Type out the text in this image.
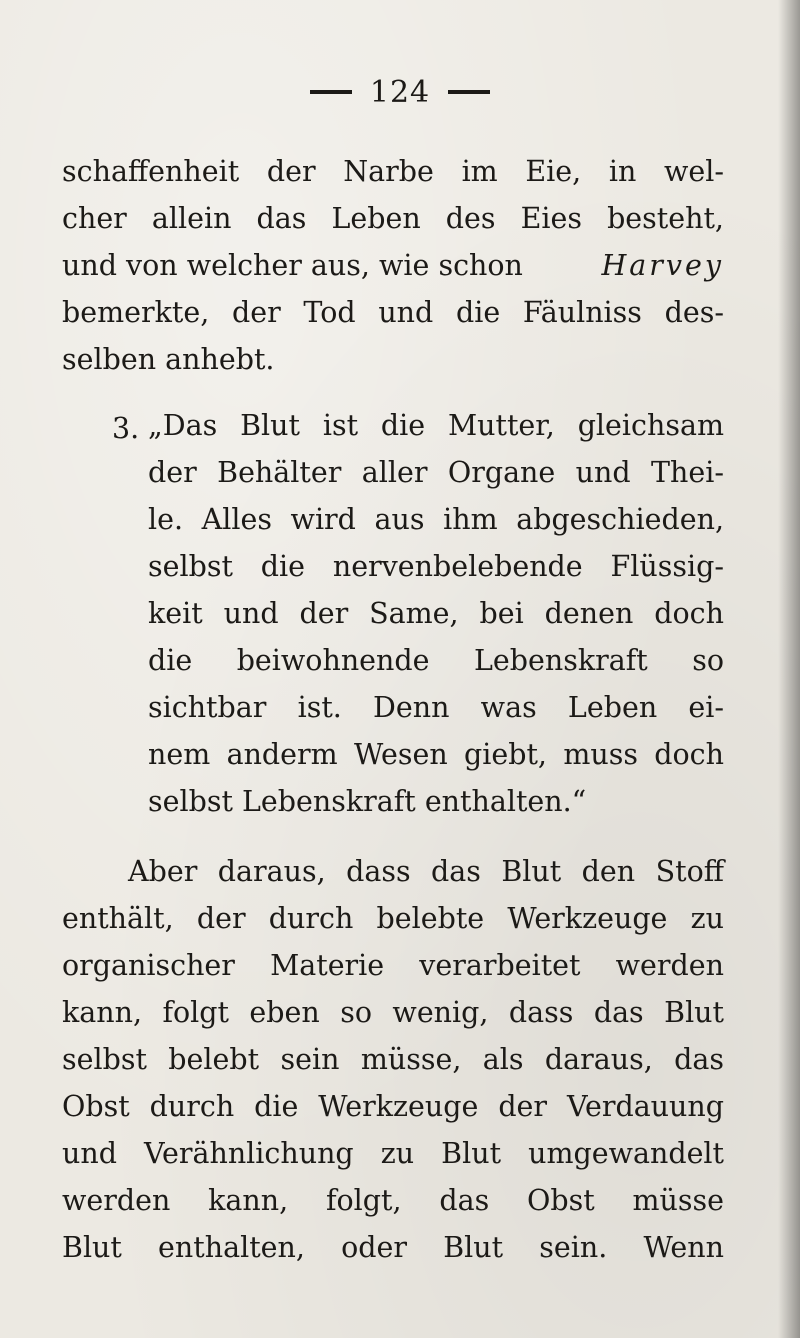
124
schaffenheit der Narbe im Eie, in wel-
cher allein das Leben des Eies besteht,
und von welcher aus, wie schon	Harvey
bemerkte, der Tod und die Fäulniss des-
selben anhebt.
3. „Das Blut ist die Mutter, gleichsam
der Behälter aller Organe und Thei-
le. Alles wird aus ihm abgeschieden,
selbst die nervenbelebende Flüssig-
keit und der Same, bei denen doch
die beiwohnende Lebenskraft so
sichtbar ist. Denn was Leben ei-
nem anderm Wesen giebt, muss doch
selbst Lebenskraft enthalten.“
Aber daraus, dass das Blut den Stoff
enthält, der durch belebte Werkzeuge zu
organischer Materie verarbeitet werden
kann, folgt eben so wenig, dass das Blut
selbst belebt sein müsse, als daraus, das
Obst durch die Werkzeuge der Verdauung
und Verähnlichung zu Blut umgewandelt
werden kann, folgt, das Obst müsse
Blut enthalten, oder Blut sein. Wenn
